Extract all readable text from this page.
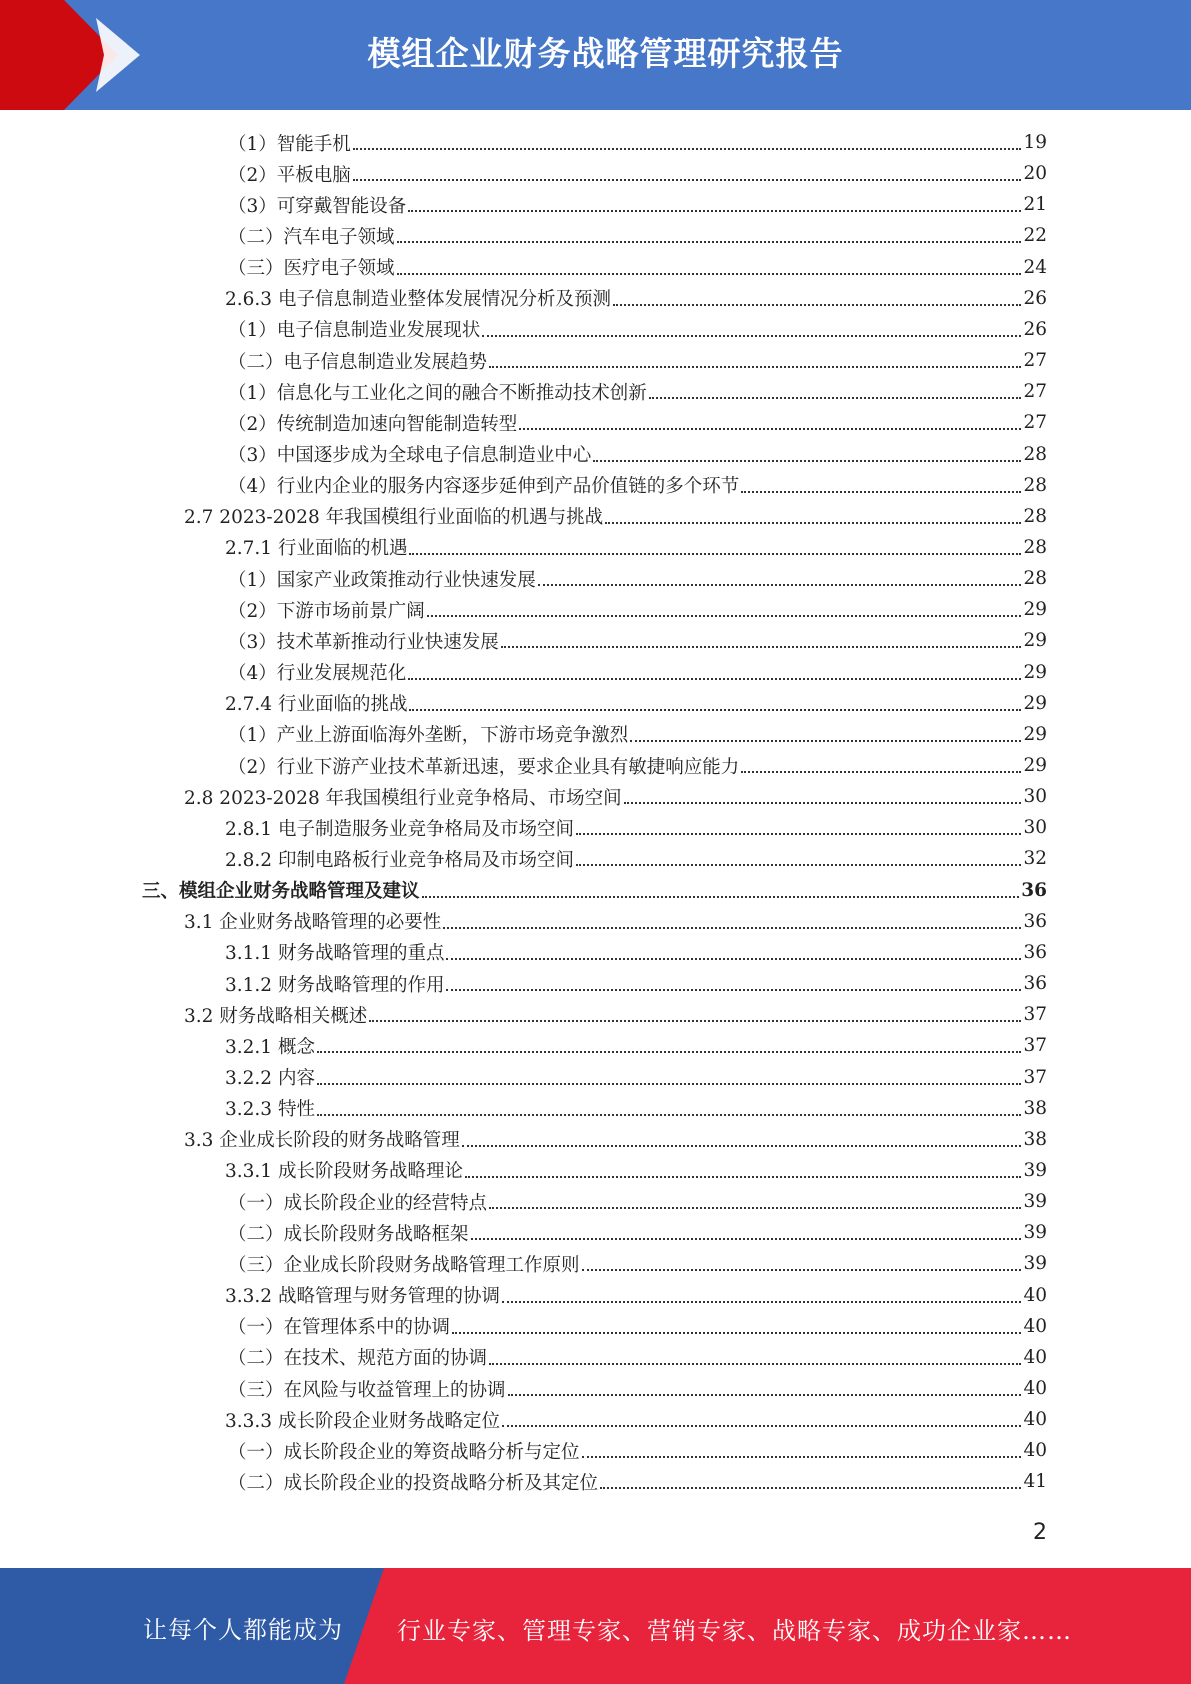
模组企业财务战略管理研究报告
（1）智能手机	19
（2）平板电脑	20
（3）可穿戴智能设备	21
（二）汽车电子领域	22
（三）医疗电子领域	24
2.6.3 电子信息制造业整体发展情况分析及预测	26
（1）电子信息制造业发展现状	26
（二）电子信息制造业发展趋势	27
（1）信息化与工业化之间的融合不断推动技术创新	27
（2）传统制造加速向智能制造转型	27
（3）中国逐步成为全球电子信息制造业中心	28
（4）行业内企业的服务内容逐步延伸到产品价值链的多个环节	28
2.7 2023-2028 年我国模组行业面临的机遇与挑战	28
2.7.1 行业面临的机遇	28
（1）国家产业政策推动行业快速发展	28
（2）下游市场前景广阔	29
（3）技术革新推动行业快速发展	29
（4）行业发展规范化	29
2.7.4 行业面临的挑战	29
（1）产业上游面临海外垄断，下游市场竞争激烈	29
（2）行业下游产业技术革新迅速，要求企业具有敏捷响应能力	29
2.8 2023-2028 年我国模组行业竞争格局、市场空间	30
2.8.1 电子制造服务业竞争格局及市场空间	30
2.8.2 印制电路板行业竞争格局及市场空间	32
三、模组企业财务战略管理及建议	36
3.1 企业财务战略管理的必要性	36
3.1.1 财务战略管理的重点	36
3.1.2 财务战略管理的作用	36
3.2 财务战略相关概述	37
3.2.1 概念	37
3.2.2 内容	37
3.2.3 特性	38
3.3 企业成长阶段的财务战略管理	38
3.3.1 成长阶段财务战略理论	39
（一）成长阶段企业的经营特点	39
（二）成长阶段财务战略框架	39
（三）企业成长阶段财务战略管理工作原则	39
3.3.2 战略管理与财务管理的协调	40
（一）在管理体系中的协调	40
（二）在技术、规范方面的协调	40
（三）在风险与收益管理上的协调	40
3.3.3 成长阶段企业财务战略定位	40
（一）成长阶段企业的筹资战略分析与定位	40
（二）成长阶段企业的投资战略分析及其定位	41
2
让每个人都能成为 行业专家、管理专家、营销专家、战略专家、成功企业家……
